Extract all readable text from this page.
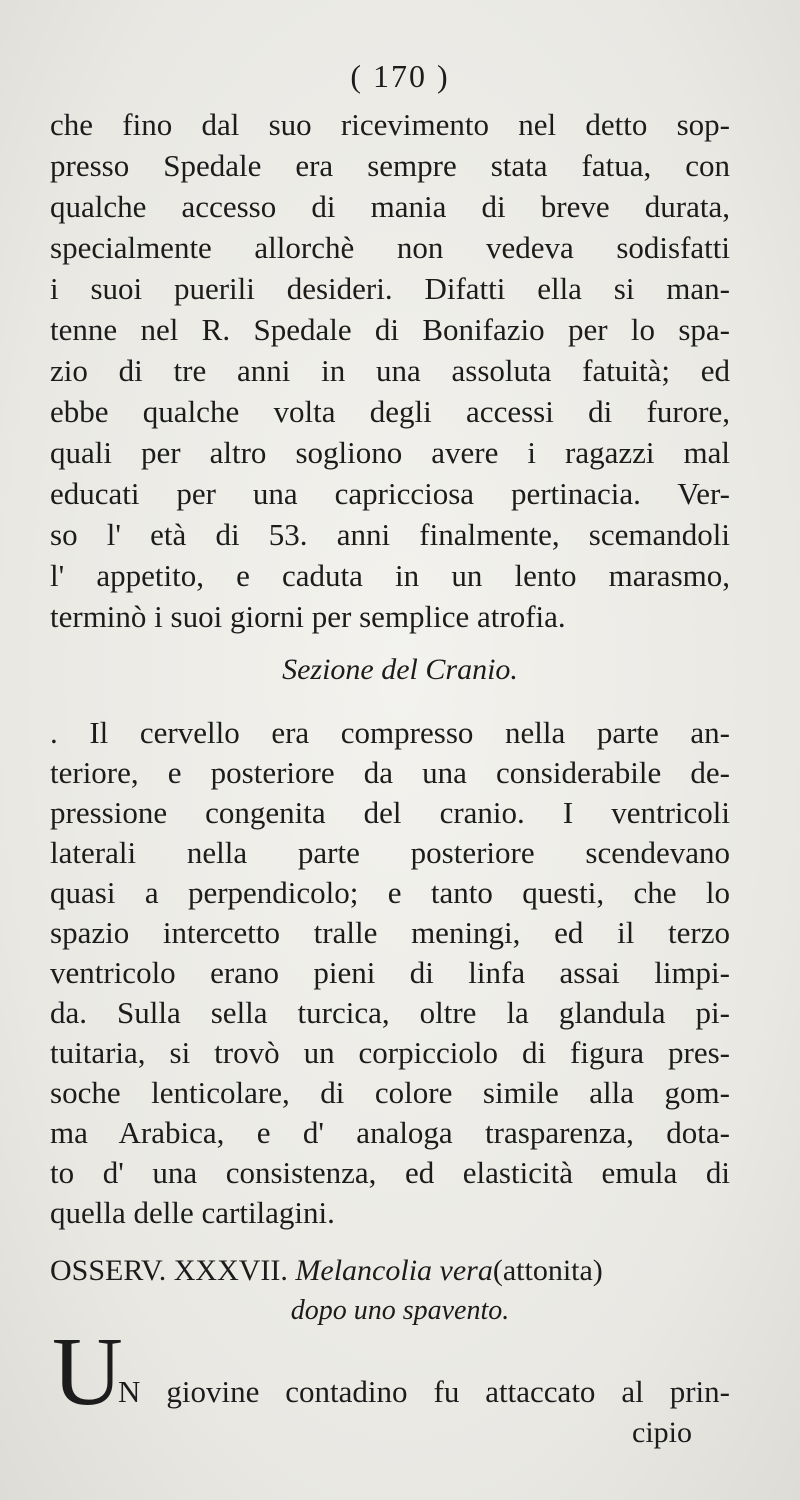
( 170 )
che fino dal suo ricevimento nel detto sop-
presso Spedale era sempre stata fatua, con
qualche accesso di mania di breve durata,
specialmente allorchè non vedeva sodisfatti
i suoi puerili desideri. Difatti ella si man-
tenne nel R. Spedale di Bonifazio per lo spa-
zio di tre anni in una assoluta fatuità; ed
ebbe qualche volta degli accessi di furore,
quali per altro sogliono avere i ragazzi mal
educati per una capricciosa pertinacia. Ver-
so l' età di 53. anni finalmente, scemandoli
l' appetito, e caduta in un lento marasmo,
terminò i suoi giorni per semplice atrofia.
Sezione del Cranio.
. Il cervello era compresso nella parte an-
teriore, e posteriore da una considerabile de-
pressione congenita del cranio. I ventricoli
laterali nella parte posteriore scendevano
quasi a perpendicolo; e tanto questi, che lo
spazio intercetto tralle meningi, ed il terzo
ventricolo erano pieni di linfa assai limpi-
da. Sulla sella turcica, oltre la glandula pi-
tuitaria, si trovò un corpicciolo di figura pres-
soche lenticolare, di colore simile alla gom-
ma Arabica, e d' analoga trasparenza, dota-
to d' una consistenza, ed elasticità emula di
quella delle cartilagini.
OSSERV. XXXVII. Melancolia vera(attonita)
dopo uno spavento.
U
N giovine contadino fu attaccato al prin-
cipio
